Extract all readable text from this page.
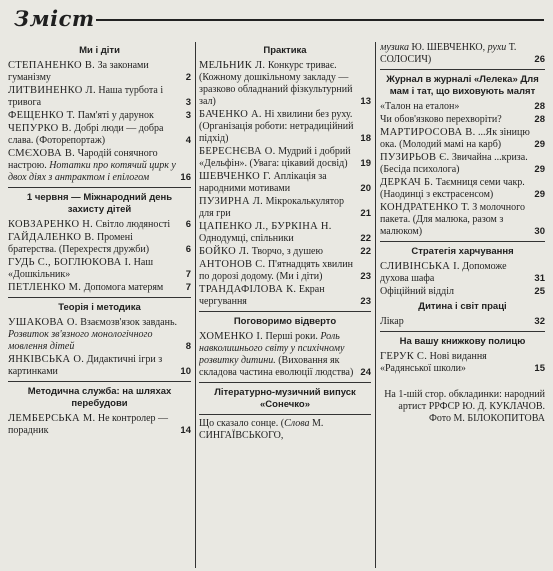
Зміст
Ми і діти
СТЕПАНЕНКО В. За законами гуманізму	2
ЛИТВИНЕНКО Л. Наша турбота і тривога	3
ФЕЩЕНКО Т. Пам'яті у дарунок	3
ЧЕПУРКО В. Добрі люди — добра слава. (Фоторепортаж)	4
СМЄХОВА В. Чародій сонячного настрою. Нотатки про котячий цирк у двох діях з антрактом і епілогом	16
1 червня — Міжнародний день захисту дітей
КОВЗАРЕНКО Н. Світло людяності 6
ГАЙДАЛЕНКО В. Промені братерства. (Перехрестя дружби)	6
ГУДЬ С., БОГЛЮКОВА І. Наш «Дошкільник»	7
ПЕТЛЕНКО М. Допомога матерям 7
Теорія і методика
УШАКОВА О. Взаємозв'язок завдань. Розвиток зв'язного монологічного мовлення дітей	8
ЯНКІВСЬКА О. Дидактичні ігри з картинками	10
Методична служба: на шляхах перебудови
ЛЕМБЕРСЬКА М. Не контролер — порадник	14
Практика
МЕЛЬНИК Л. Конкурс триває. (Кожному дошкільному закладу — зразково обладнаний фізкультурний зал)	13
БАЧЕНКО А. Ні хвилини без руху. (Організація роботи: нетрадиційний підхід)	18
БЕРЕСНЄВА О. Мудрий і добрий «Дельфін». (Увага: цікавий досвід) 19
ШЕВЧЕНКО Г. Аплікація за народними мотивами	20
ПУЗИРНА Л. Мікрокалькулятор для гри	21
ЦАПЕНКО Л., БУРКІНА Н. Однодумці, спільники	22
БОЙКО Л. Творчо, з душею	22
АНТОНОВ С. П'ятнадцять хвилин по дорозі додому. (Ми і діти)	23
ТРАНДАФІЛОВА К. Екран чергування	23
Поговоримо відверто
ХОМЕНКО І. Перші роки. Роль навколишнього світу у психічному розвитку дитини. (Виховання як складова частина еволюції людства) 24
Літературно-музичний випуск «Сонечко»
Що сказало сонце. (Слова М. СИНГАЇВСЬКОГО,
музика Ю. ШЕВЧЕНКО, рухи Т. СОЛОСИЧ)	26
Журнал в журналі «Лелека» Для мам і тат, що виховують малят
«Талон на еталон»	28
Чи обов'язково перехворіти?	28
МАРТИРОСОВА В. ...Як зіницю ока. (Молодий мамі на карб)	29
ПУЗИРЬОВ Є. Звичайна ...криза. (Бесіда психолога)	29
ДЕРКАЧ Б. Таємниця семи чакр. (Наодинці з екстрасенсом)	29
КОНДРАТЕНКО Т. З молочного пакета. (Для малюка, разом з малюком)	30
Стратегія харчування
СЛИВІНСЬКА І. Допоможе духова шафа	31
Офіційний відділ	25
Дитина і світ праці
Лікар	32
На вашу книжкову полицю
ГЕРУК С. Нові видання «Радянської школи»	15
На 1-шій стор. обкладинки: народний артист РРФСР Ю. Д. КУКЛАЧОВ.
Фото М. БІЛОКОПИТОВА
